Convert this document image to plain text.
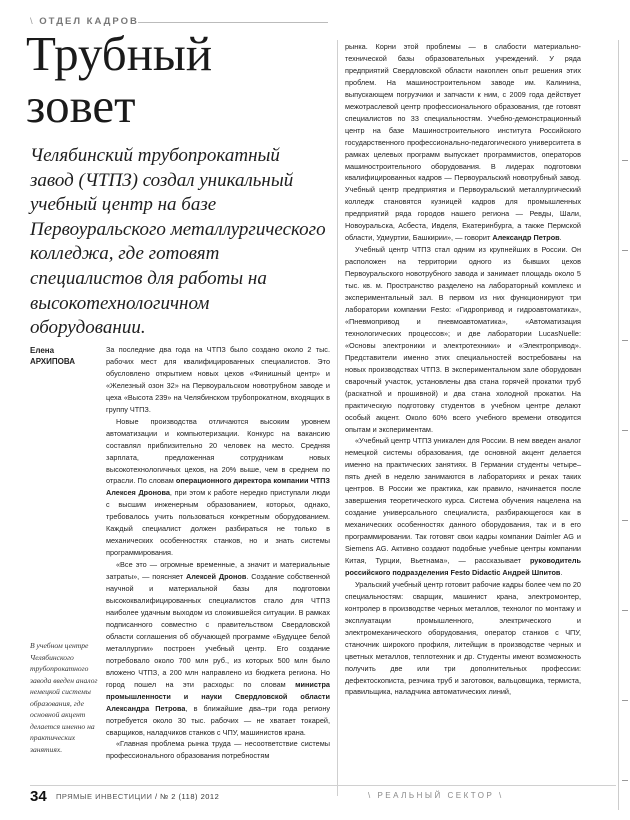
\ ОТДЕЛ КАДРОВ
Трубный
зовет

Челябинский трубопрокатный завод (ЧТПЗ) создал уникальный учебный центр на базе Первоуральского металлургического колледжа, где готовят специалистов для работы на высокотехнологичном оборудовании.

Елена
АРХИПОВА
В учебном центре Челябинского трубопрокатного завода введен аналог немецкой системы образования, где основной акцент делается именно на практических занятиях.

За последние два года на ЧТПЗ было создано около 2 тыс. рабочих мест для квалифицированных специалистов. Это обусловлено открытием новых цехов «Финишный центр» и «Железный озон 32» на Первоуральском новотрубном заводе и цеха «Высота 239» на Челябинском трубопрокатном, входящих в группу ЧТПЗ.

Новые производства отличаются высоким уровнем автоматизации и компьютеризации. Конкурс на вакансию составлял приблизительно 20 человек на место. Средняя зарплата, предложенная сотрудникам новых высокотехнологичных цехов, на 20% выше, чем в среднем по отрасли. По словам операционного директора компании ЧТПЗ Алексея Дронова, при этом к работе нередко приступали люди с высшим инженерным образованием, которых, однако, требовалось учить пользоваться конкретным оборудованием. Каждый специалист должен разбираться не только в механических особенностях станков, но и знать системы программирования.

«Все это — огромные временные, а значит и материальные затраты», — поясняет Алексей Дронов. Создание собственной научной и материальной базы для подготовки высококвалифицированных специалистов стало для ЧТПЗ наиболее удачным выходом из сложившейся ситуации. В рамках подписанного совместно с правительством Свердловской области соглашения об обучающей программе «Будущее белой металлургии» построен учебный центр. Его создание потребовало около 700 млн руб., из которых 500 млн было вложено ЧТПЗ, а 200 млн направлено из бюджета региона. Но город пошел на эти расходы: по словам министра промышленности и науки Свердловской области Александра Петрова, в ближайшие два–три года региону потребуется около 30 тыс. рабочих — не хватает токарей, сварщиков, наладчиков станков с ЧПУ, машинистов крана.

«Главная проблема рынка труда — несоответствие системы профессионального образования потребностям

рынка. Корни этой проблемы — в слабости материально-технической базы образовательных учреждений. У ряда предприятий Свердловской области накоплен опыт решения этих проблем. На машиностроительном заводе им. Калинина, выпускающем погрузчики и запчасти к ним, с 2009 года действует межотраслевой центр профессионального образования, где готовят специалистов по 33 специальностям. Учебно-демонстрационный центр на базе Машиностроительного института Российского государственного профессионально-педагогического университета в рамках целевых программ выпускает программистов, операторов машиностроительного оборудования. В лидерах подготовки квалифицированных кадров — Первоуральский новотрубный завод. Учебный центр предприятия и Первоуральский металлургический колледж становятся кузницей кадров для промышленных предприятий ряда городов нашего региона — Ревды, Шали, Новоуральска, Асбеста, Ивделя, Екатеринбурга, а также Пермской области, Удмуртии, Башкирии», — говорит Александр Петров.

Учебный центр ЧТПЗ стал одним из крупнейших в России. Он расположен на территории одного из бывших цехов Первоуральского новотрубного завода и занимает площадь около 5 тыс. кв. м. Пространство разделено на лабораторный комплекс и экспериментальный зал. В первом из них функционируют три лаборатории компании Festo: «Гидропривод и гидроавтоматика», «Пневмопривод и пневмоавтоматика», «Автоматизация технологических процессов»; и две лаборатории LucasNuelle: «Основы электроники и электротехники» и «Электропривод». Представители именно этих специальностей востребованы на новых производствах ЧТПЗ. В экспериментальном зале оборудован сварочный участок, установлены два стана горячей прокатки труб (раскатной и прошивной) и два стана холодной прокатки. На практическую подготовку студентов в учебном центре делают особый акцент. Около 60% всего учебного времени отводится опытам и экспериментам.

«Учебный центр ЧТПЗ уникален для России. В нем введен аналог немецкой системы образования, где основной акцент делается именно на практических занятиях. В Германии студенты четыре–пять дней в неделю занимаются в лабораториях и реках таких центров. В России же практика, как правило, начинается после завершения теоретического курса. Система обучения нацелена на создание универсального специалиста, разбирающегося как в механических особенностях данного оборудования, так и в его программировании. Так готовят свои кадры компании Daimler AG и Siemens AG. Активно создают подобные учебные центры компании Китая, Турции, Вьетнама», — рассказывает руководитель российского подразделения Festo Didactic Андрей Шпитов.

Уральский учебный центр готовит рабочие кадры более чем по 20 специальностям: сварщик, машинист крана, электромонтер, контролер в производстве черных металлов, технолог по монтажу и эксплуатации промышленного, электрического и электромеханического оборудования, оператор станков с ЧПУ, станочник широкого профиля, литейщик в производстве черных и цветных металлов, теплотехник и др. Студенты имеют возможность получить две или три дополнительных профессии: дефектоскописта, резчика труб и заготовок, вальцовщика, термиста, правильщика, наладчика автоматических линий,

34 ПРЯМЫЕ ИНВЕСТИЦИИ / № 2 (118) 2012	\ РЕАЛЬНЫЙ СЕКТОР \
